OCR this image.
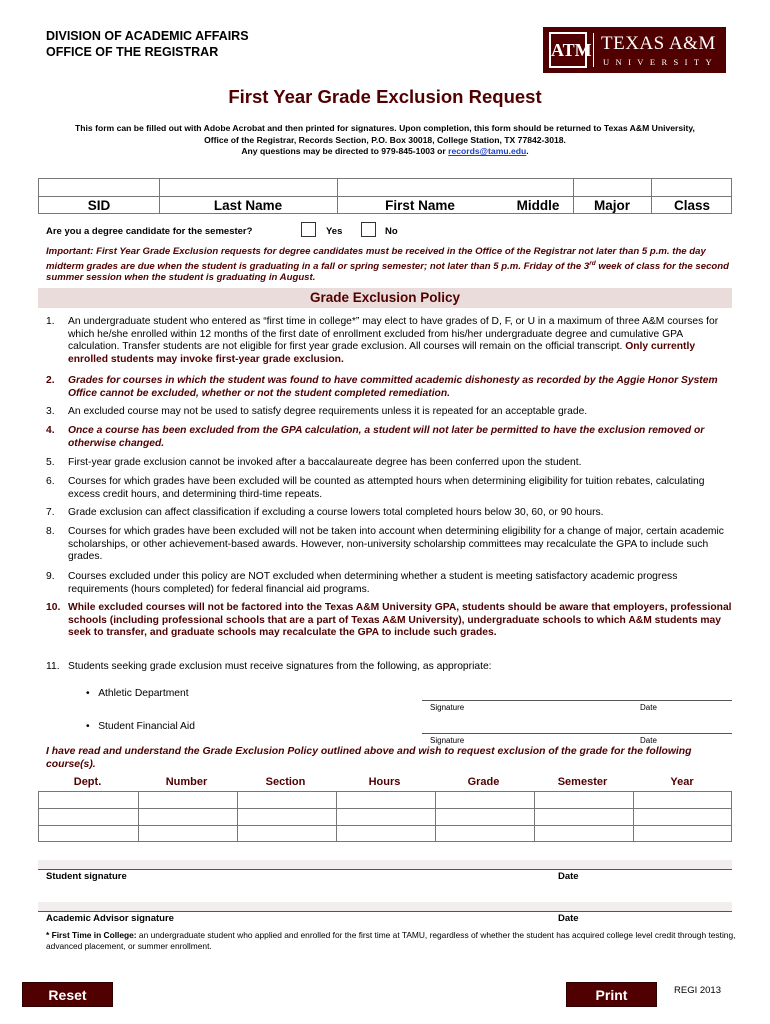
DIVISION OF ACADEMIC AFFAIRS
OFFICE OF THE REGISTRAR	ATM TEXAS A&M
UNIVERSITY
First Year Grade Exclusion Request
This form can be filled out with Adobe Acrobat and then printed for signatures. Upon completion, this form should be returned to Texas A&M University,
Office of the Registrar, Records Section, P.O. Box 30018, College Station, TX 77842-3018.
Any questions may be directed to 979-845-1003 or records@tamu.edu.
SID	Last Name	First Name	Middle	Major	Class
Are you a degree candidate for the semester?	Yes	No
Important: First Year Grade Exclusion requests for degree candidates must be received in the Office of the Registrar not later than 5 p.m. the day midterm grades are due when the student is graduating in a fall or spring semester; not later than 5 p.m. Friday of the 3rd week of class for the second summer session when the student is graduating in August.
Grade Exclusion Policy
1. An undergraduate student who entered as “first time in college*” may elect to have grades of D, F, or U in a maximum of three A&M courses for which he/she enrolled within 12 months of the first date of enrollment excluded from his/her undergraduate degree and cumulative GPA calculation. Transfer students are not eligible for first year grade exclusion. All courses will remain on the official transcript. Only currently enrolled students may invoke first-year grade exclusion.
2. Grades for courses in which the student was found to have committed academic dishonesty as recorded by the Aggie Honor System Office cannot be excluded, whether or not the student completed remediation.
3. An excluded course may not be used to satisfy degree requirements unless it is repeated for an acceptable grade.
4. Once a course has been excluded from the GPA calculation, a student will not later be permitted to have the exclusion removed or otherwise changed.
5. First-year grade exclusion cannot be invoked after a baccalaureate degree has been conferred upon the student.
6. Courses for which grades have been excluded will be counted as attempted hours when determining eligibility for tuition rebates, calculating excess credit hours, and determining third-time repeats.
7. Grade exclusion can affect classification if excluding a course lowers total completed hours below 30, 60, or 90 hours.
8. Courses for which grades have been excluded will not be taken into account when determining eligibility for a change of major, certain academic scholarships, or other achievement-based awards. However, non-university scholarship committees may recalculate the GPA to include such grades.
9. Courses excluded under this policy are NOT excluded when determining whether a student is meeting satisfactory academic progress requirements (hours completed) for federal financial aid programs.
10. While excluded courses will not be factored into the Texas A&M University GPA, students should be aware that employers, professional schools (including professional schools that are a part of Texas A&M University), undergraduate schools to which A&M students may seek to transfer, and graduate schools may recalculate the GPA to include such grades.
11. Students seeking grade exclusion must receive signatures from the following, as appropriate:
•   Athletic Department
Signature	Date
•   Student Financial Aid
Signature	Date
I have read and understand the Grade Exclusion Policy outlined above and wish to request exclusion of the grade for the following course(s).
Dept.	Number	Section	Hours	Grade	Semester	Year
Student signature	Date
Academic Advisor signature	Date
* First Time in College: an undergraduate student who applied and enrolled for the first time at TAMU, regardless of whether the student has acquired college level credit through testing, advanced placement, or summer enrollment.
Reset	Print	REGI 2013
